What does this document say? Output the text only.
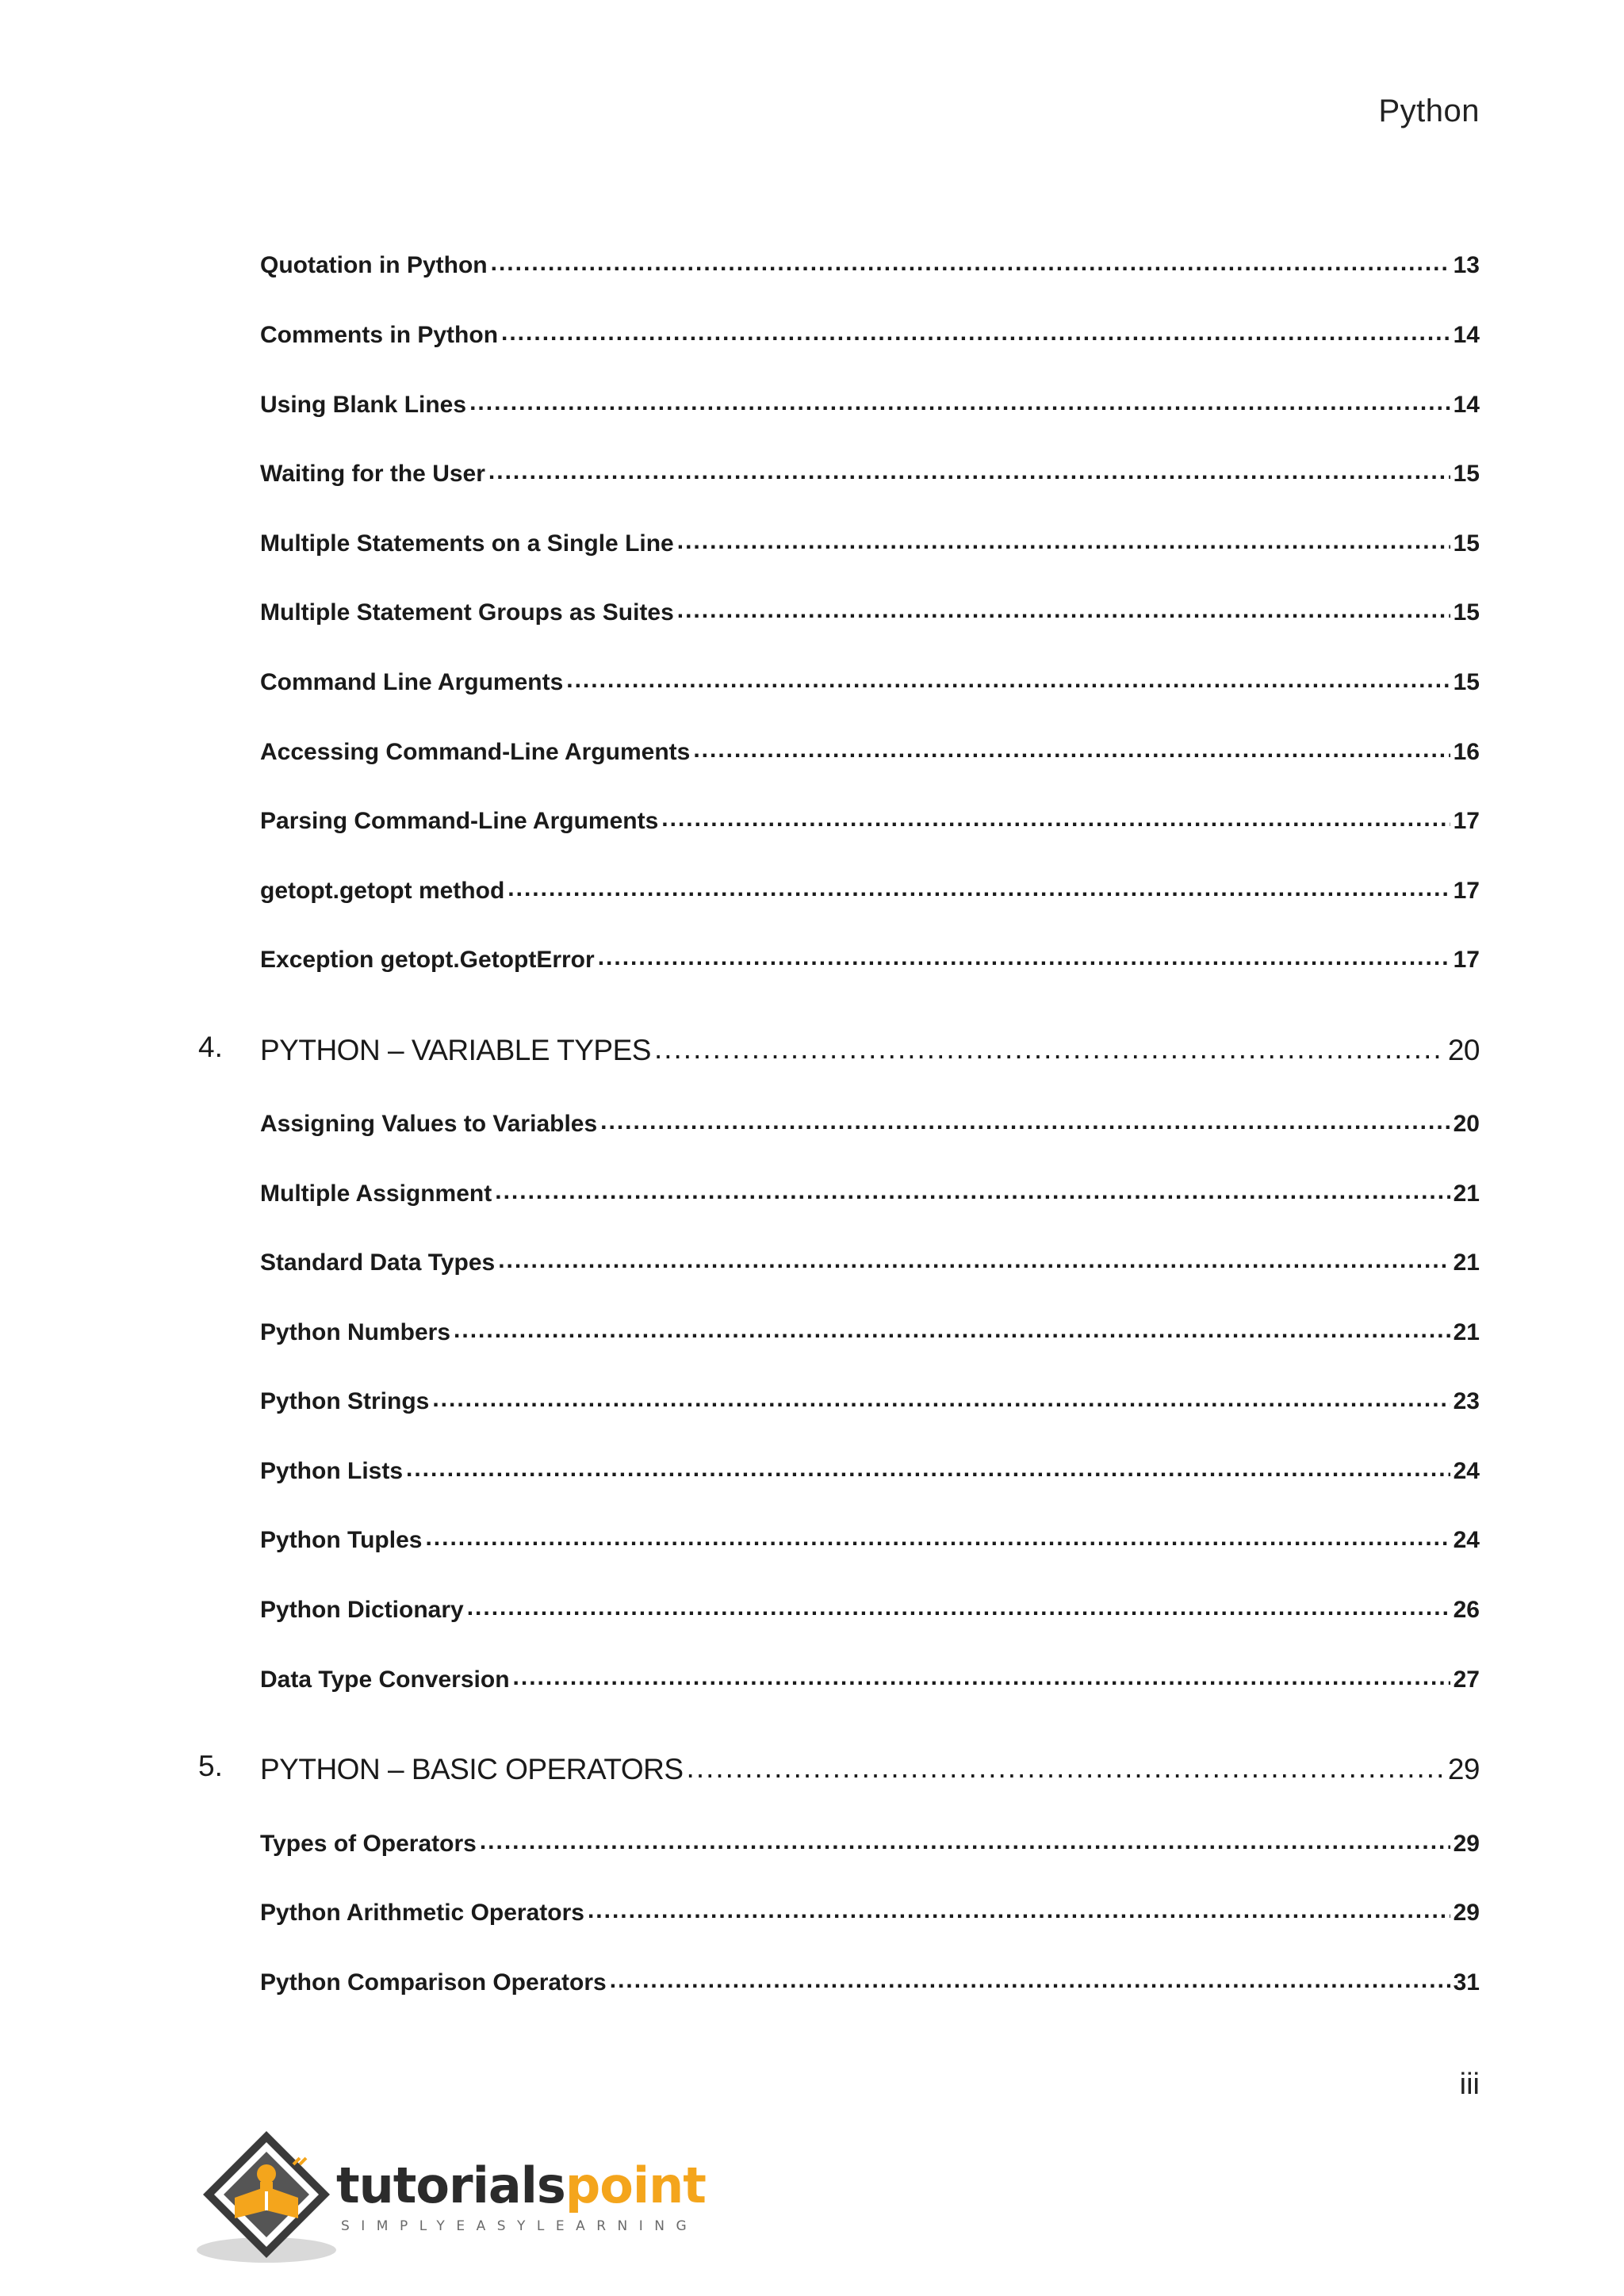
Python
Quotation in Python .....	13
Comments in Python .....	14
Using Blank Lines .....	14
Waiting for the User .....	15
Multiple Statements on a Single Line .....	15
Multiple Statement Groups as Suites .....	15
Command Line Arguments .....	15
Accessing Command-Line Arguments .....	16
Parsing Command-Line Arguments .....	17
getopt.getopt method .....	17
Exception getopt.GetoptError .....	17
4. PYTHON – VARIABLE TYPES .....	20
Assigning Values to Variables .....	20
Multiple Assignment .....	21
Standard Data Types .....	21
Python Numbers .....	21
Python Strings .....	23
Python Lists .....	24
Python Tuples .....	24
Python Dictionary .....	26
Data Type Conversion .....	27
5. PYTHON – BASIC OPERATORS .....	29
Types of Operators .....	29
Python Arithmetic Operators .....	29
Python Comparison Operators .....	31
iii
tutorialspoint
SIMPLYEASYLEARNING
